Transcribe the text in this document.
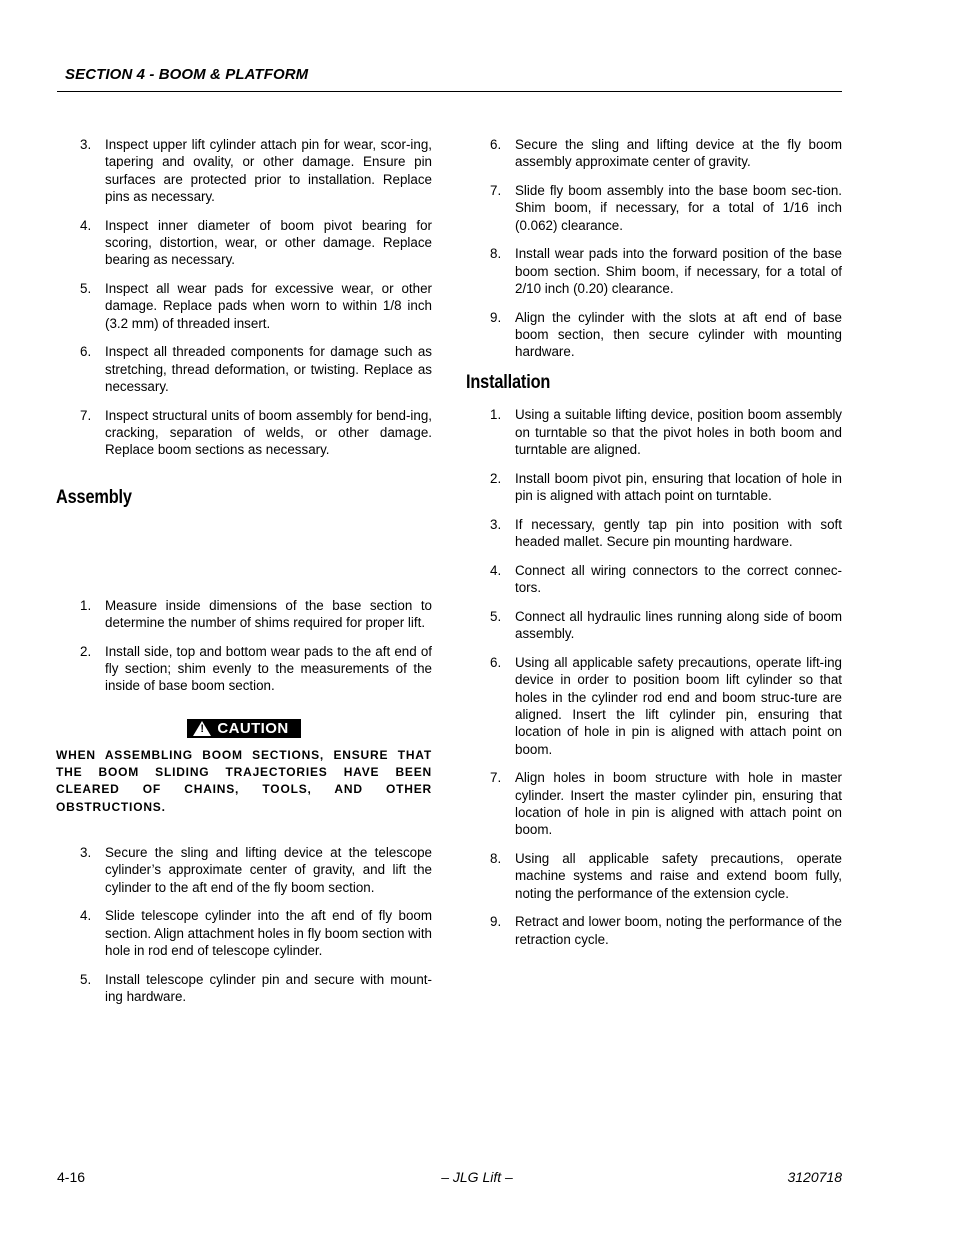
SECTION 4 - BOOM & PLATFORM
3. Inspect upper lift cylinder attach pin for wear, scor-ing, tapering and ovality, or other damage. Ensure pin surfaces are protected prior to installation. Replace pins as necessary.
4. Inspect inner diameter of boom pivot bearing for scoring, distortion, wear, or other damage. Replace bearing as necessary.
5. Inspect all wear pads for excessive wear, or other damage. Replace pads when worn to within 1/8 inch (3.2 mm) of threaded insert.
6. Inspect all threaded components for damage such as stretching, thread deformation, or twisting. Replace as necessary.
7. Inspect structural units of boom assembly for bend-ing, cracking, separation of welds, or other damage. Replace boom sections as necessary.
Assembly
1. Measure inside dimensions of the base section to determine the number of shims required for proper lift.
2. Install side, top and bottom wear pads to the aft end of fly section; shim evenly to the measurements of the inside of base boom section.
! CAUTION
WHEN ASSEMBLING BOOM SECTIONS, ENSURE THAT THE BOOM SLIDING TRAJECTORIES HAVE BEEN CLEARED OF CHAINS, TOOLS, AND OTHER OBSTRUCTIONS.
3. Secure the sling and lifting device at the telescope cylinder’s approximate center of gravity, and lift the cylinder to the aft end of the fly boom section.
4. Slide telescope cylinder into the aft end of fly boom section. Align attachment holes in fly boom section with hole in rod end of telescope cylinder.
5. Install telescope cylinder pin and secure with mount-ing hardware.
6. Secure the sling and lifting device at the fly boom assembly approximate center of gravity.
7. Slide fly boom assembly into the base boom sec-tion. Shim boom, if necessary, for a total of 1/16 inch (0.062) clearance.
8. Install wear pads into the forward position of the base boom section. Shim boom, if necessary, for a total of 2/10 inch (0.20) clearance.
9. Align the cylinder with the slots at aft end of base boom section, then secure cylinder with mounting hardware.
Installation
1. Using a suitable lifting device, position boom assembly on turntable so that the pivot holes in both boom and turntable are aligned.
2. Install boom pivot pin, ensuring that location of hole in pin is aligned with attach point on turntable.
3. If necessary, gently tap pin into position with soft headed mallet. Secure pin mounting hardware.
4. Connect all wiring connectors to the correct connec-tors.
5. Connect all hydraulic lines running along side of boom assembly.
6. Using all applicable safety precautions, operate lift-ing device in order to position boom lift cylinder so that holes in the cylinder rod end and boom struc-ture are aligned. Insert the lift cylinder pin, ensuring that location of hole in pin is aligned with attach point on boom.
7. Align holes in boom structure with hole in master cylinder. Insert the master cylinder pin, ensuring that location of hole in pin is aligned with attach point on boom.
8. Using all applicable safety precautions, operate machine systems and raise and extend boom fully, noting the performance of the extension cycle.
9. Retract and lower boom, noting the performance of the retraction cycle.
4-16	– JLG Lift –	3120718
